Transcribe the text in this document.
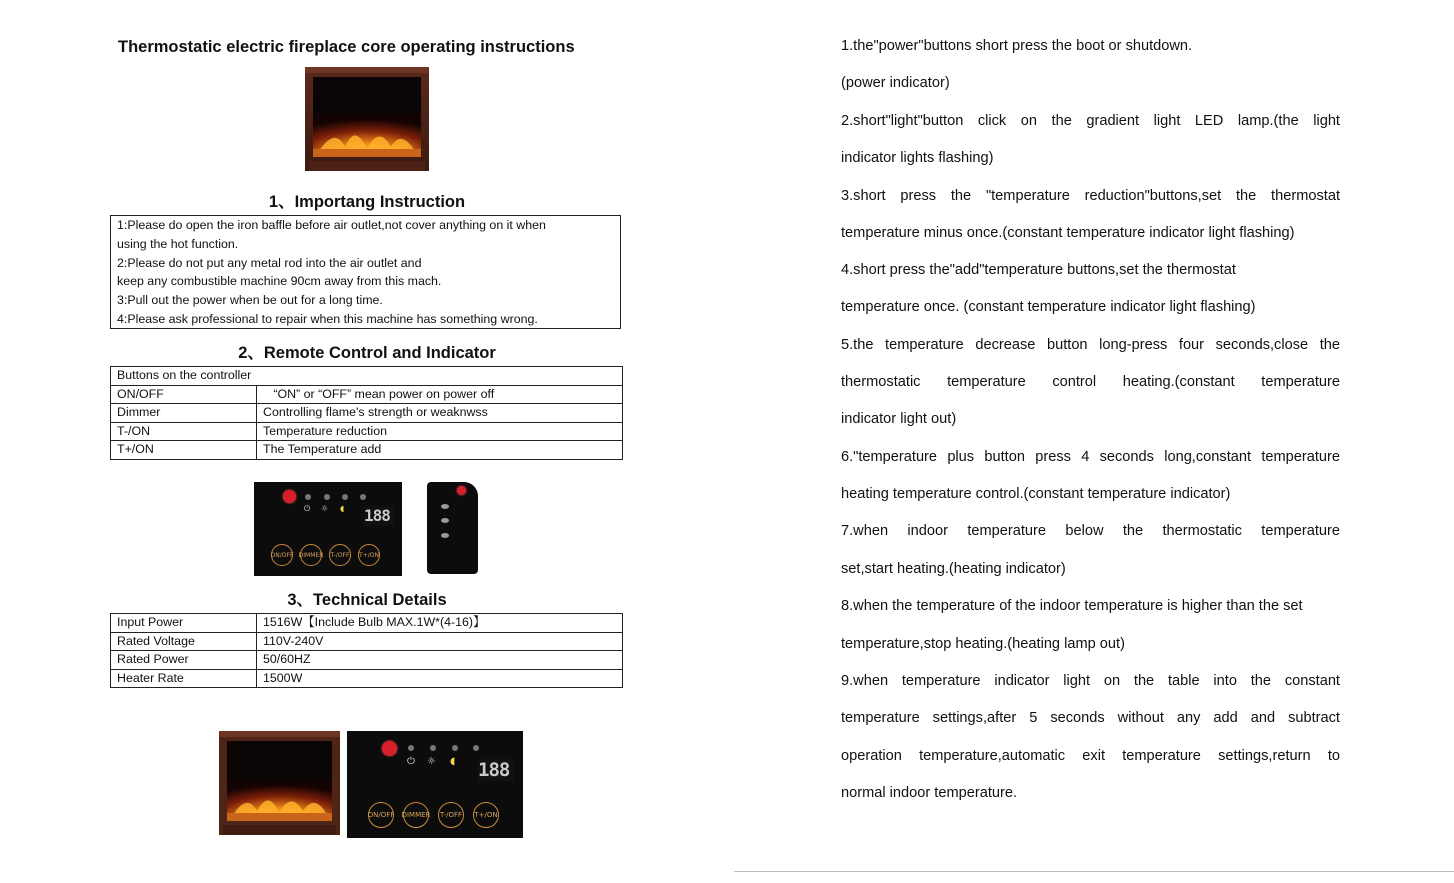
Thermostatic electric fireplace core operating instructions
1、Importang Instruction
1:Please do open the iron baffle before air outlet,not cover anything on it when
using the hot function.
2:Please do not put any metal rod into the air outlet and
keep any combustible machine 90cm away from this mach.
3:Pull out the power when be out for a long time.
4:Please ask professional to repair when this machine has something wrong.
2、Remote Control and Indicator
Buttons on the controller	
ON/OFF	“ON” or “OFF” mean power on power off
Dimmer	Controlling flame's strength or weaknwss
T-/ON	Temperature reduction
T+/ON	The Temperature add
⏻ ☼ ◖ 188
ON/OFF DIMMER T-/OFF T+/ON
3、Technical Details
Input Power	1516W【Include Bulb MAX.1W*(4-16)】
Rated Voltage	110V-240V
Rated Power	50/60HZ
Heater Rate	1500W
⏻ ☼ ◖ 188
ON/OFF DIMMER T-/OFF T+/ON
1.the"power"buttons short press the boot or shutdown.
(power indicator)
2.short"light"button click on the gradient light LED lamp.(the light
indicator lights flashing)
3.short press the "temperature reduction"buttons,set the thermostat
temperature minus once.(constant temperature indicator light flashing)
4.short press the"add"temperature buttons,set the thermostat
temperature once. (constant temperature indicator light flashing)
5.the temperature decrease button long-press four seconds,close the
thermostatic temperature control heating.(constant temperature
indicator light out)
6."temperature plus button press 4 seconds long,constant temperature
heating temperature control.(constant temperature indicator)
7.when indoor temperature below the thermostatic temperature
set,start heating.(heating indicator)
8.when the temperature of the indoor temperature is higher than the set
temperature,stop heating.(heating lamp out)
9.when temperature indicator light on the table into the constant
temperature settings,after 5 seconds without any add and subtract
operation temperature,automatic exit temperature settings,return to
normal indoor temperature.
